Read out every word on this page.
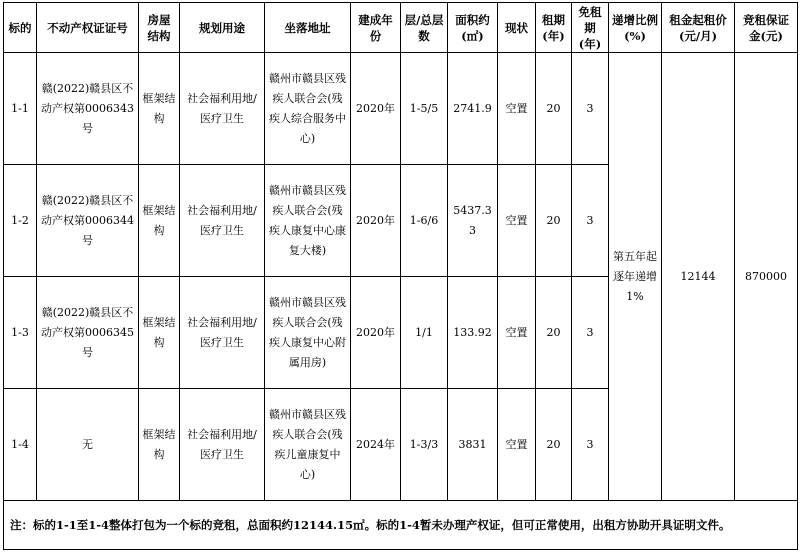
标的	不动产权证证号	房屋结构	规划用途	坐落地址	建成年份	层/总层数	面积约(㎡)	现状	租期(年)	免租期(年)	递增比例(%)	租金起租价(元/月)	竞租保证金(元)
1-1	赣(2022)赣县区不动产权第0006343号	框架结构	社会福利用地/医疗卫生	赣州市赣县区残疾人联合会(残疾人综合服务中心)	2020年	1-5/5	2741.9	空置	20	3	第五年起逐年递增1%	12144	870000
1-2	赣(2022)赣县区不动产权第0006344号	框架结构	社会福利用地/医疗卫生	赣州市赣县区残疾人联合会(残疾人康复中心康复大楼)	2020年	1-6/6	5437.33	空置	20	3			
1-3	赣(2022)赣县区不动产权第0006345号	框架结构	社会福利用地/医疗卫生	赣州市赣县区残疾人联合会(残疾人康复中心附属用房)	2020年	1/1	133.92	空置	20	3			
1-4	无	框架结构	社会福利用地/医疗卫生	赣州市赣县区残疾人联合会(残疾儿童康复中心)	2024年	1-3/3	3831	空置	20	3			
注：标的1-1至1-4整体打包为一个标的竞租，总面积约12144.15㎡。标的1-4暂未办理产权证，但可正常使用，出租方协助开具证明文件。													
